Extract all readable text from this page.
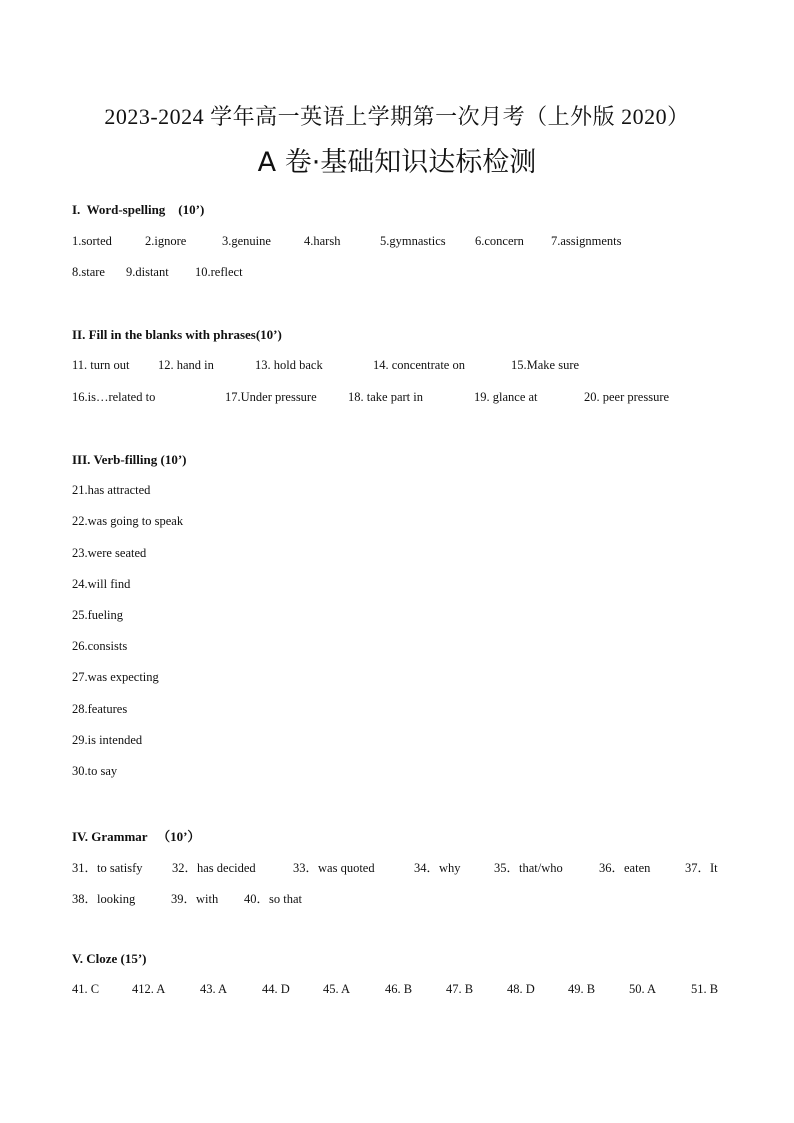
2023-2024 学年高一英语上学期第一次月考（上外版 2020）
A 卷·基础知识达标检测
I.  Word-spelling    (10’)
1.sorted	2.ignore	3.genuine	4.harsh	5.gymnastics 6.concern 7.assignments
8.stare 9.distant 10.reflect
II. Fill in the blanks with phrases(10’)
11. turn out 12. hand in	13. hold back	14. concentrate on	15.Make sure
16.is…related to	17.Under pressure	18. take part in	19. glance at	20. peer pressure
III. Verb-filling (10’)
21.has attracted
22.was going to speak
23.were seated
24.will find
25.fueling
26.consists
27.was expecting
28.features
29.is intended
30.to say
IV. Grammar   （10’）
31．to satisfy 32．has decided	33．was quoted	34．why	35．that/who	36．eaten	37．It
38．looking	39．with 40．so that
V. Cloze (15’)
41. C	412. A	43. A	44. D	45. A	46. B	47. B	48. D	49. B	50. A	51. B
